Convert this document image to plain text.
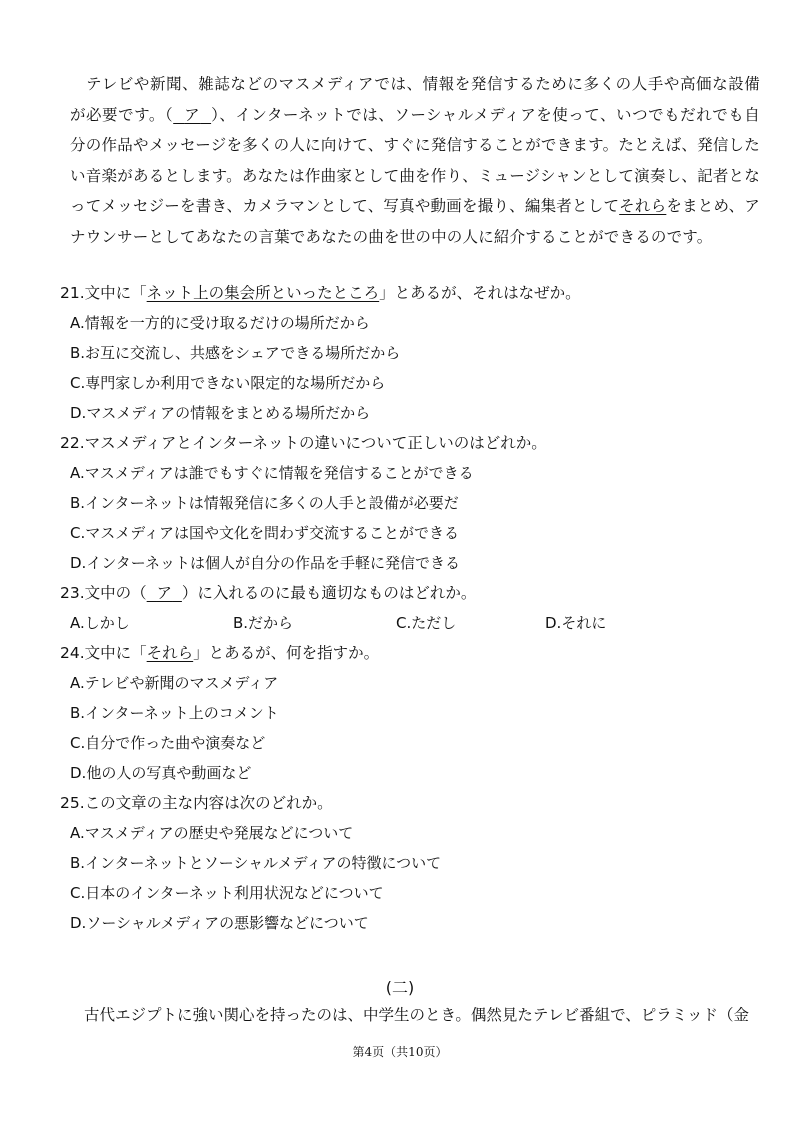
テレビや新聞、雑誌などのマスメディアでは、情報を発信するために多くの人手や高価な設備が必要です。（ ア ）、インターネットでは、ソーシャルメディアを使って、いつでもだれでも自分の作品やメッセージを多くの人に向けて、すぐに発信することができます。たとえば、発信したい音楽があるとします。あなたは作曲家として曲を作り、ミュージシャンとして演奏し、記者となってメッセジーを書き、カメラマンとして、写真や動画を撮り、編集者としてそれらをまとめ、アナウンサーとしてあなたの言葉であなたの曲を世の中の人に紹介することができるのです。

21.文中に「ネット上の集会所といったところ」とあるが、それはなぜか。
A.情報を一方的に受け取るだけの場所だから
B.お互に交流し、共感をシェアできる場所だから
C.専門家しか利用できない限定的な場所だから
D.マスメディアの情報をまとめる場所だから
22.マスメディアとインターネットの違いについて正しいのはどれか。
A.マスメディアは誰でもすぐに情報を発信することができる
B.インターネットは情報発信に多くの人手と設備が必要だ
C.マスメディアは国や文化を問わず交流することができる
D.インターネットは個人が自分の作品を手軽に発信できる
23.文中の（ ア ）に入れるのに最も適切なものはどれか。
A.しかし	B.だから	C.ただし	D.それに
24.文中に「それら」とあるが、何を指すか。
A.テレビや新聞のマスメディア
B.インターネット上のコメント
C.自分で作った曲や演奏など
D.他の人の写真や動画など
25.この文章の主な内容は次のどれか。
A.マスメディアの歴史や発展などについて
B.インターネットとソーシャルメディアの特徴について
C.日本のインターネット利用状況などについて
D.ソーシャルメディアの悪影響などについて
(二)

古代エジプトに強い関心を持ったのは、中学生のとき。偶然見たテレビ番組で、ピラミッド（金

第4页（共10页）
